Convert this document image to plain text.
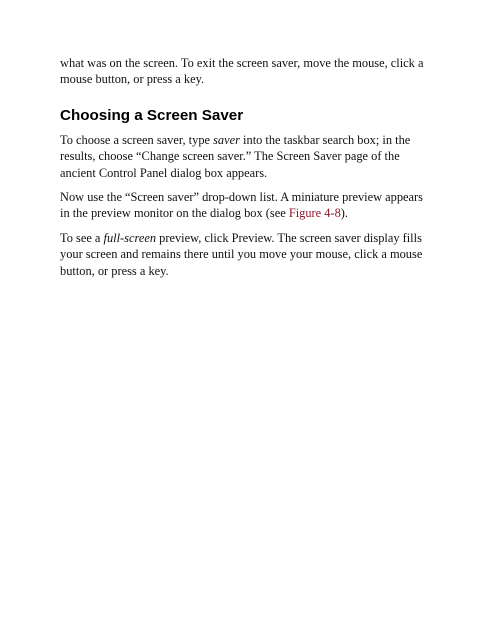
what was on the screen. To exit the screen saver, move the mouse, click a mouse button, or press a key.

Choosing a Screen Saver

To choose a screen saver, type saver into the taskbar search box; in the results, choose “Change screen saver.” The Screen Saver page of the ancient Control Panel dialog box appears.

Now use the “Screen saver” drop-down list. A miniature preview appears in the preview monitor on the dialog box (see Figure 4-8).

To see a full-screen preview, click Preview. The screen saver display fills your screen and remains there until you move your mouse, click a mouse button, or press a key.
